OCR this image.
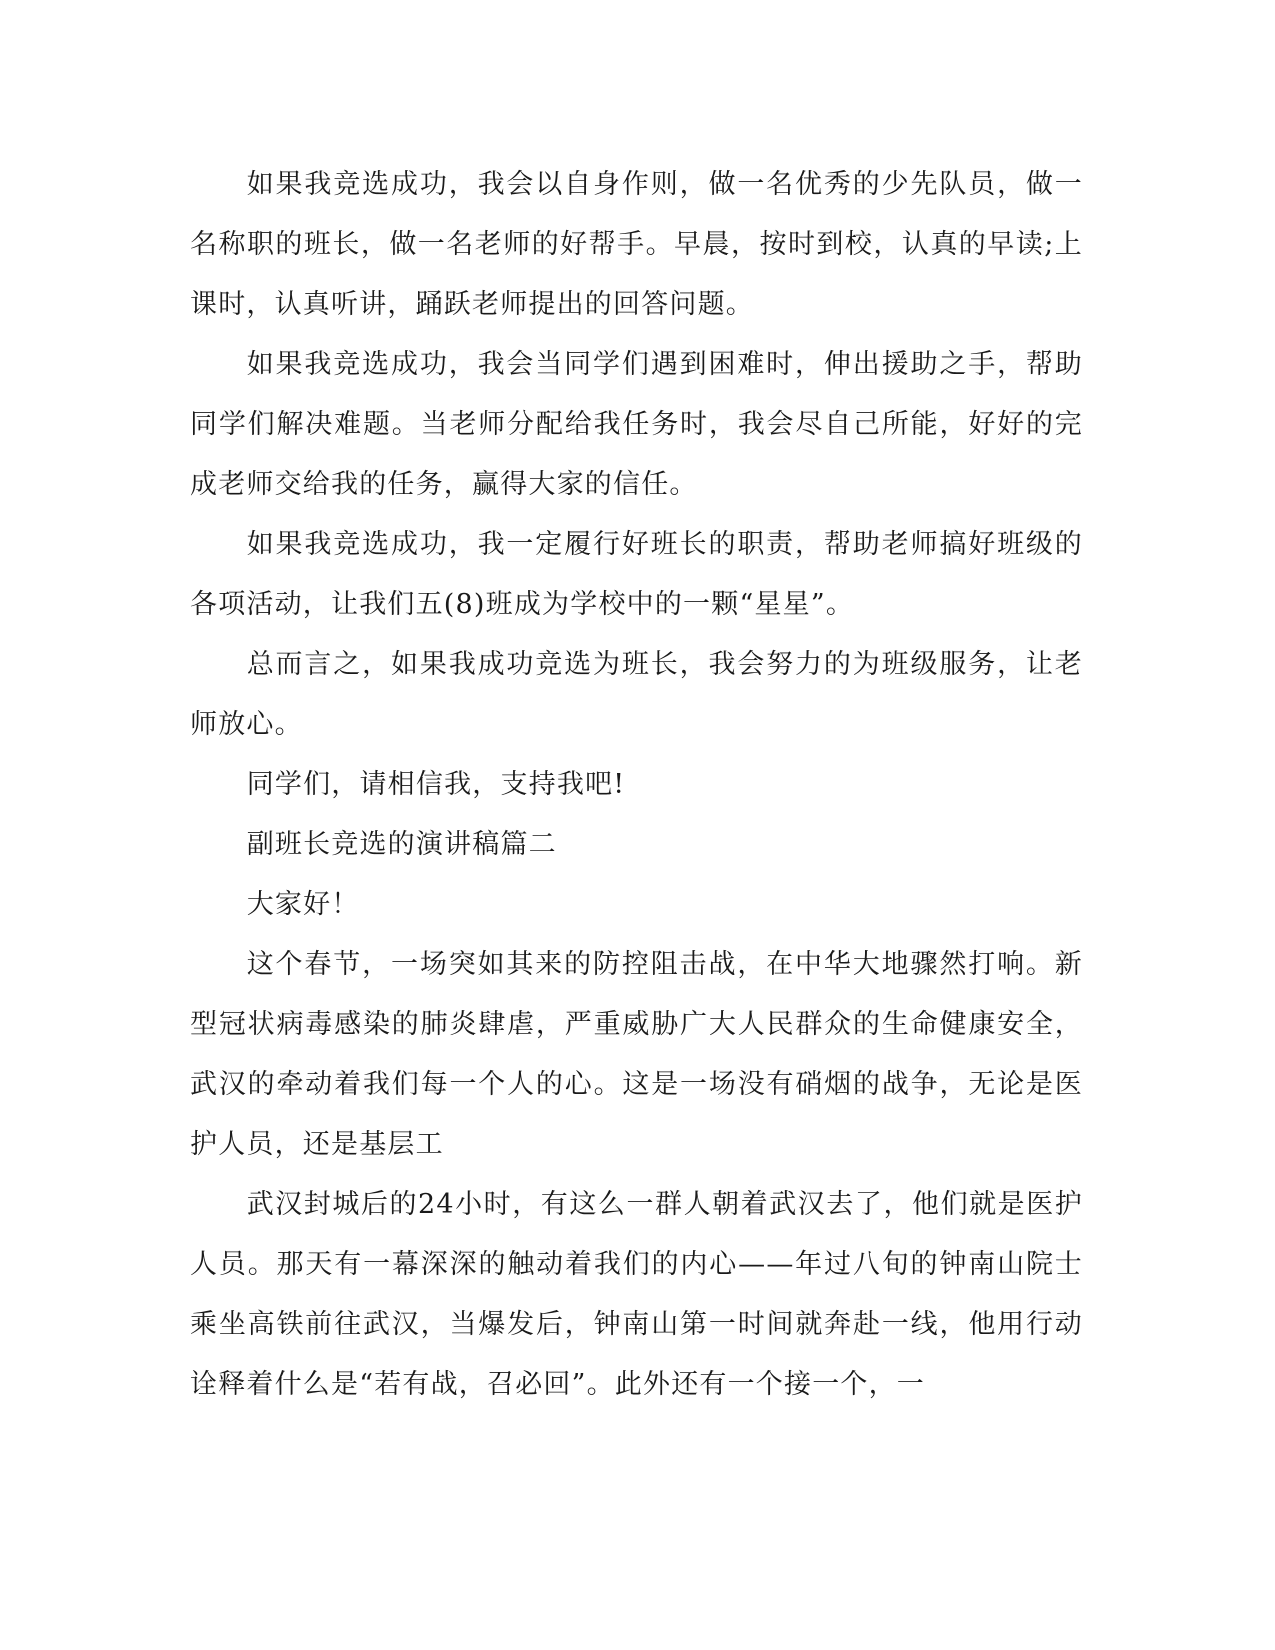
如果我竞选成功，我会以自身作则，做一名优秀的少先队员，做一名称职的班长，做一名老师的好帮手。早晨，按时到校，认真的早读;上课时，认真听讲，踊跃老师提出的回答问题。

如果我竞选成功，我会当同学们遇到困难时，伸出援助之手，帮助同学们解决难题。当老师分配给我任务时，我会尽自己所能，好好的完成老师交给我的任务，赢得大家的信任。

如果我竞选成功，我一定履行好班长的职责，帮助老师搞好班级的各项活动，让我们五(8)班成为学校中的一颗“星星”。

总而言之，如果我成功竞选为班长，我会努力的为班级服务，让老师放心。

同学们，请相信我，支持我吧!

副班长竞选的演讲稿篇二

大家好！

这个春节，一场突如其来的防控阻击战，在中华大地骤然打响。新型冠状病毒感染的肺炎肆虐，严重威胁广大人民群众的生命健康安全，武汉的牵动着我们每一个人的心。这是一场没有硝烟的战争，无论是医护人员，还是基层工

武汉封城后的24小时，有这么一群人朝着武汉去了，他们就是医护人员。那天有一幕深深的触动着我们的内心——年过八旬的钟南山院士乘坐高铁前往武汉，当爆发后，钟南山第一时间就奔赴一线，他用行动诠释着什么是“若有战，召必回”。此外还有一个接一个，一
